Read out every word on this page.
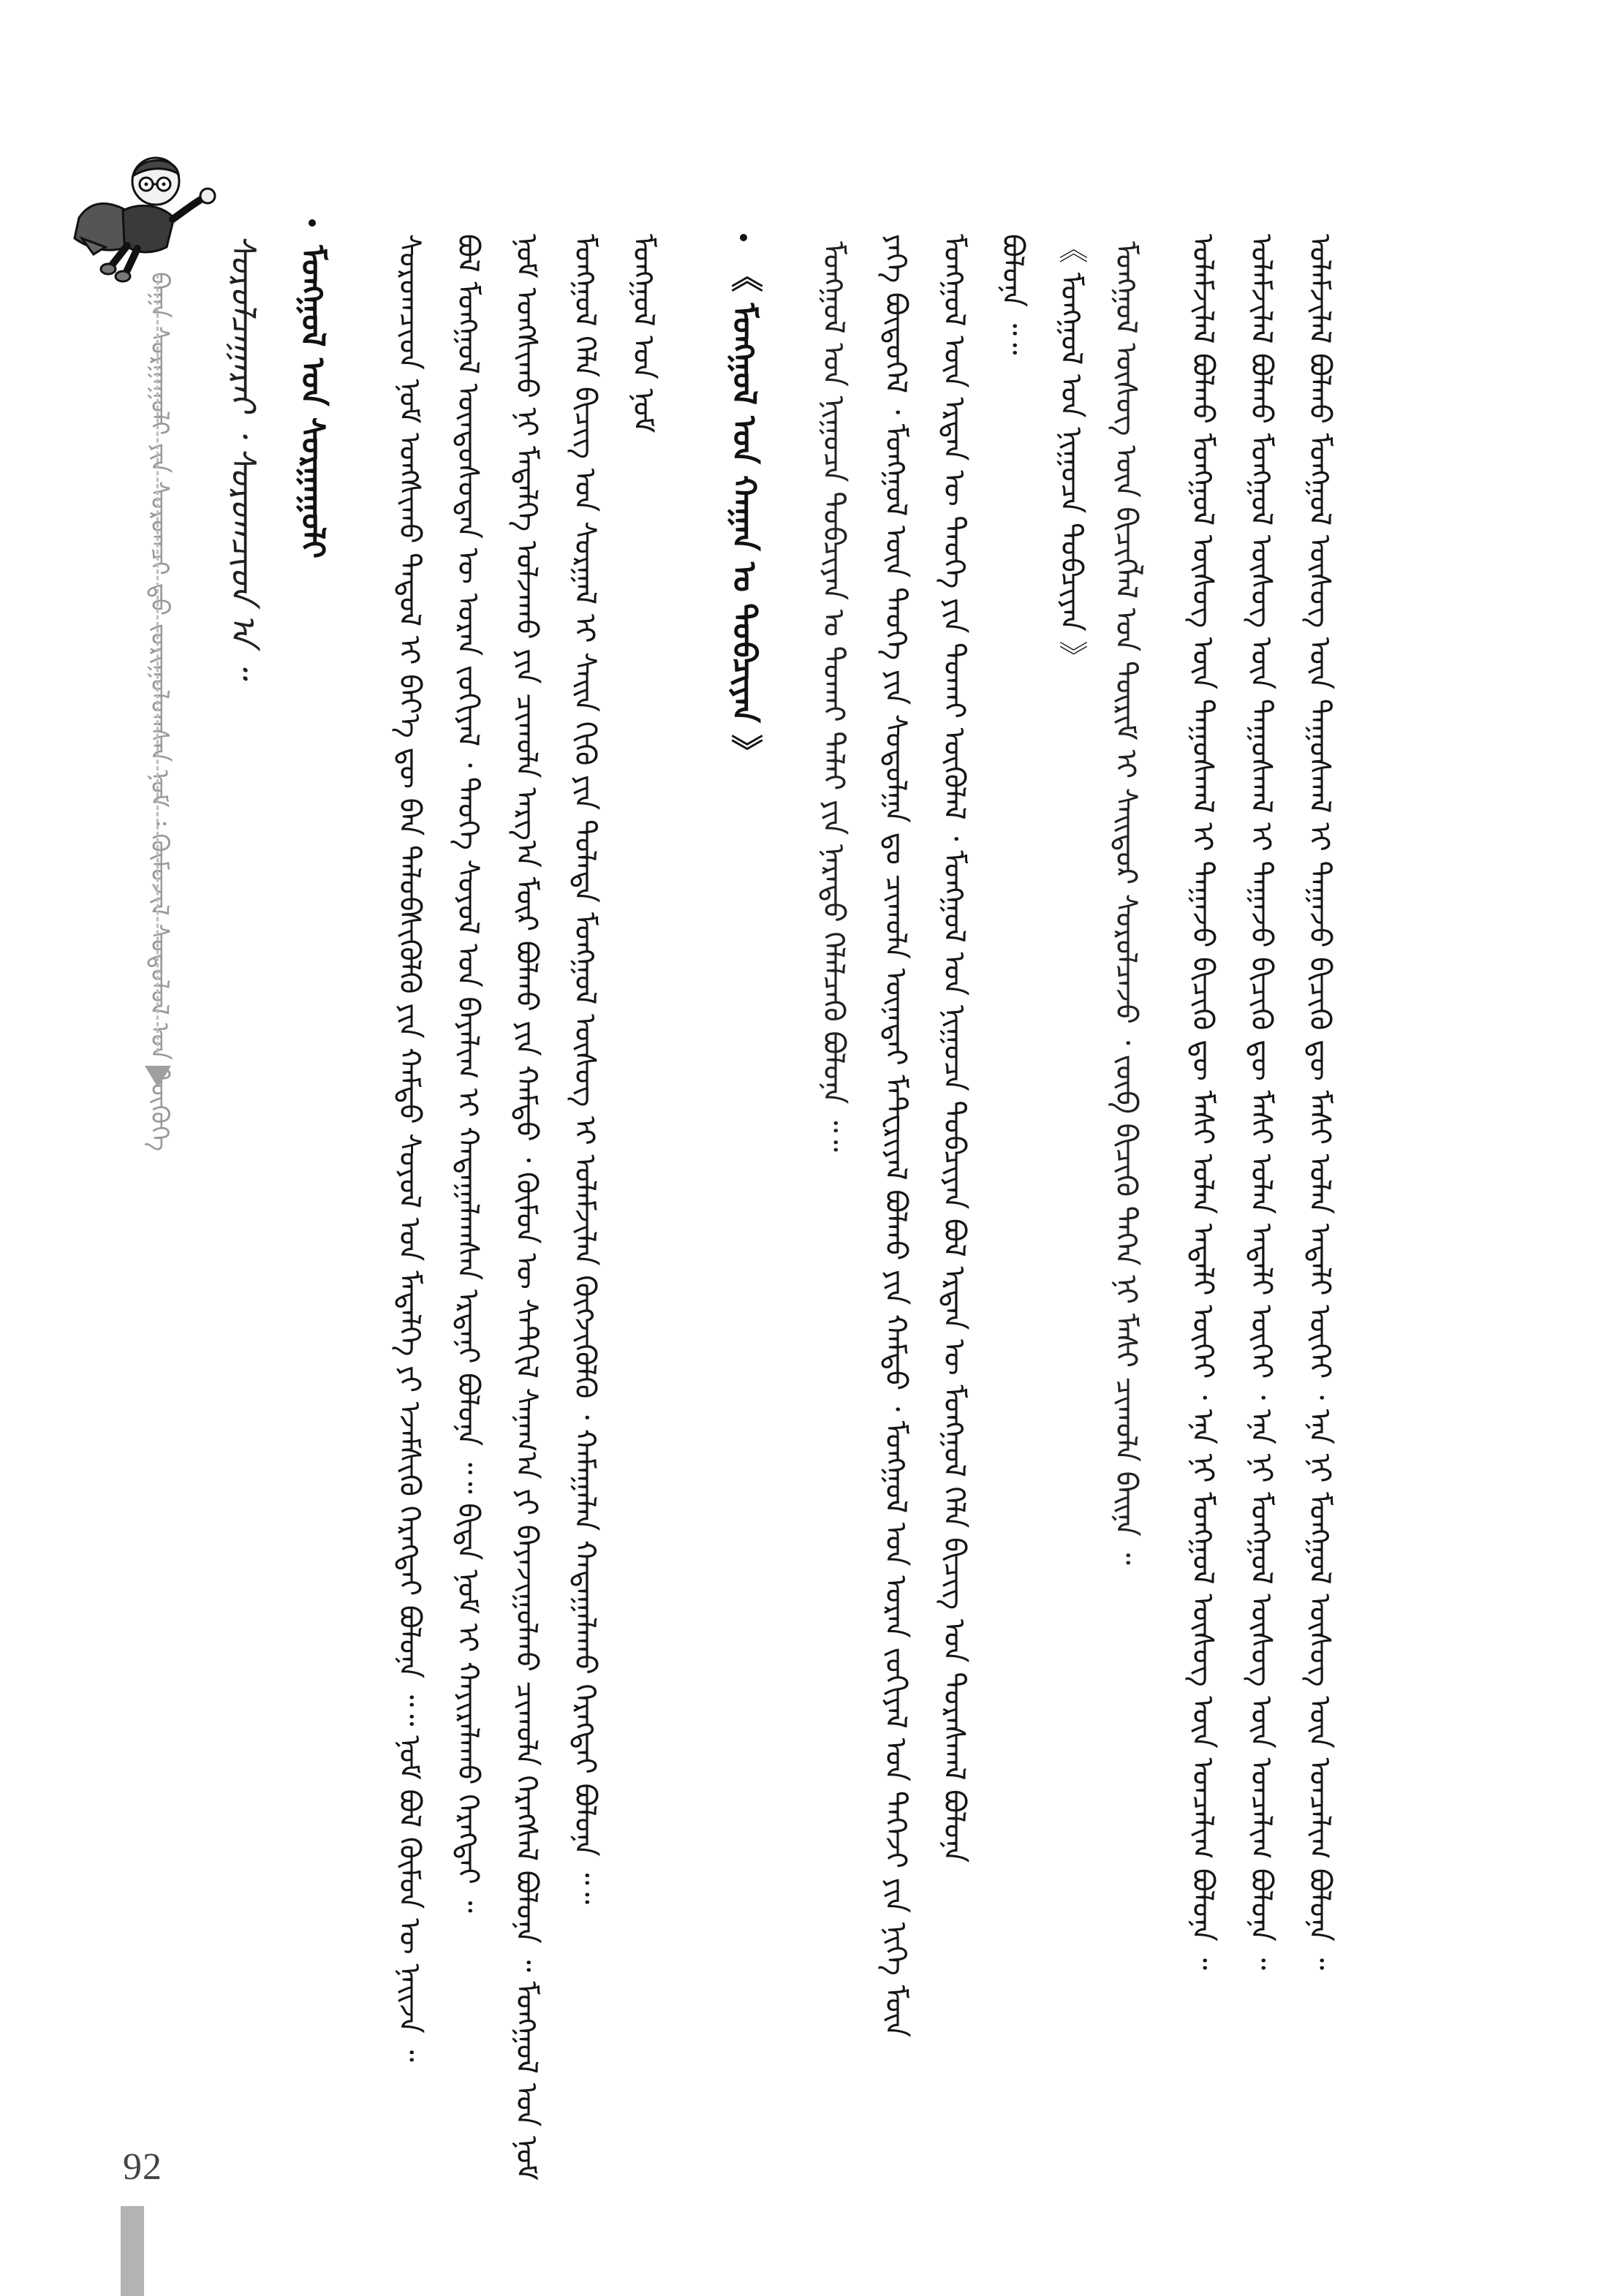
ᠪᠠᠭᠠ ᠰᠤᠷᠭᠠᠭᠤᠯᠢ ᠶᠢᠨ ᠰᠤᠷᠤᠭᠴᠢ ᠳ᠋ᠤ ᠵᠣᠷᠢᠭᠤᠯᠤᠭᠰᠠᠨ ᠨᠣᠮ ᠄ ᠬᠦᠮᠦᠵᠢᠯ ᠰᠤᠳᠤᠯᠤᠯ ᠤᠨ ᠲᠦᠭᠦᠬᠡ ᠰᠤᠷᠤᠯᠴᠠᠭᠠᠷᠠᠢ ᠂ ᠰᠤᠷᠤᠭᠴᠢᠳ ᠠ ᠃ ᠮᠣᠩᠭᠣᠯ ᠤᠨ ᠰᠤᠷᠭᠠᠭᠤᠯᠢ ᠰᠤᠷᠤᠭᠴᠢᠳ ᠨᠣᠮ ᠤᠩᠰᠢᠬᠤ ᠳᠠᠳᠤᠯ ᠢ ᠪᠡᠶ᠎ᠡ ᠳᠦ ᠪᠠᠨ ᠲᠡᠯᠦᠪᠰᠢᠭᠦᠯᠬᠦ ᠶᠢᠨ ᠬᠠᠮᠲᠤ ᠰᠣᠶᠣᠯ ᠤᠨ ᠮᠡᠳᠡᠯᠭᠡ ᠶᠢ ᠡᠵᠡᠮᠰᠢᠬᠦ ᠬᠡᠷᠡᠭᠲᠡᠢ ᠪᠣᠯᠤᠨᠠ ᠃᠃ ᠨᠣᠮ ᠪᠣᠯ ᠬᠦᠮᠦᠨ ᠦ ᠨᠠᠢᠵᠠ ᠃ ᠪᠣᠯ ᠮᠣᠩᠭᠣᠯ ᠦᠨᠳᠦᠰᠦᠲᠡᠨ ᠦ ᠤᠷᠠᠨ ᠵᠣᠬᠢᠶᠠᠯ ᠂ ᠲᠡᠦᠬᠡ ᠰᠣᠶᠣᠯ ᠤᠨ ᠪᠠᠶᠠᠯᠢᠭ ᠢ ᠬᠠᠳᠠᠭᠠᠯᠠᠭᠰᠠᠨ ᠡᠷᠳᠡᠨᠢ ᠪᠣᠯᠤᠨᠠ ᠃᠃ ᠪᠢᠳᠡ ᠨᠣᠮ ᠢ ᠬᠠᠶᠢᠷᠠᠯᠠᠬᠤ ᠬᠡᠷᠡᠭᠲᠡᠢ ᠃ ᠨᠣᠮ ᠤᠩᠰᠢᠬᠤ ᠨᠢ ᠮᠡᠳᠡᠯᠭᠡ ᠣᠯᠵᠠᠬᠤ ᠶᠢᠨ ᠴᠢᠬᠤᠯᠠ ᠠᠷᠭ᠎ᠠ ᠮᠥᠷ ᠪᠣᠯᠬᠤ ᠶᠢᠨ ᠬᠠᠮᠲᠤ ᠂ ᠬᠦᠮᠦᠨ ᠦ ᠰᠡᠲᠬᠢᠯ ᠰᠠᠨᠠᠭ᠎ᠠ ᠶᠢ ᠪᠠᠶᠠᠵᠢᠭᠤᠯᠬᠤ ᠴᠢᠬᠤᠯᠠ ᠬᠡᠷᠡᠭᠰᠡᠯ ᠪᠣᠯᠤᠨᠠ ᠃ ᠮᠣᠩᠭᠣᠯ ᠤᠨ ᠨᠣᠮ ᠮᠣᠩᠭᠣᠯ ᠬᠡᠯᠡ ᠪᠢᠴᠢᠭ ᠤᠨ ᠰᠤᠷᠭᠠᠯ ᠢ ᠰᠠᠢᠨ ᠬᠢᠬᠦ ᠶᠢᠨ ᠲᠤᠯᠠᠳᠠ ᠮᠣᠩᠭᠣᠯ ᠦᠰᠦᠭ ᠢ ᠤᠯᠠᠮᠵᠢᠯᠠᠨ ᠬᠥᠭᠵᠢᠭᠦᠯᠬᠦ ᠂ ᠬᠠᠮᠠᠭᠠᠯᠠᠨ ᠬᠠᠳᠠᠭᠠᠯᠠᠬᠤ ᠬᠡᠷᠡᠭᠲᠡᠢ ᠪᠣᠯᠤᠨᠠ ᠃᠃ ᠮᠣᠩᠭᠣᠯ ᠤᠨ ᠨᠣᠮ 《 ᠮᠣᠩᠭᠣᠯ ᠤᠨ ᠬᠠᠭᠠᠨ ᠤ ᠲᠣᠪᠴᠢᠶᠠᠨ 》 ᠮᠣᠩᠭᠣᠯ ᠤᠨ ᠨᠢᠭᠤᠴᠠ ᠲᠣᠪᠴᠢᠶᠠᠨ ᠤ ᠲᠣᠬᠠᠢ ᠳᠠᠯᠠᠢ ᠶᠢᠨ ᠨᠡᠷᠡᠳᠦ ᠬᠡᠯᠡᠯᠴᠡᠬᠦ ᠪᠣᠯᠤᠨᠠ ᠃᠃ ᠶᠡᠬᠡ ᠪᠦᠲᠦᠭᠡᠯ ᠂ ᠮᠣᠩᠭᠣᠯ ᠦᠨ ᠲᠡᠦᠬᠡ ᠶᠢᠨ ᠰᠤᠳᠤᠯᠭᠠ ᠳᠤ ᠴᠢᠬᠤᠯᠠ ᠦᠨᠡᠲᠡᠢ ᠮᠠᠲ᠋ᠧᠷᠢᠶᠠᠯ ᠪᠣᠯᠬᠤ ᠶᠢᠨ ᠬᠠᠮᠲᠤ ᠂ ᠮᠣᠩᠭᠣᠯ ᠤᠨ ᠤᠷᠠᠨ ᠵᠣᠬᠢᠶᠠᠯ ᠤᠨ ᠳᠡᠭᠡᠵᠢ ᠶᠢᠨ ᠨᠢᠭᠡ ᠮᠥᠨ ᠮᠣᠩᠭᠣᠯ ᠦᠨ ᠡᠷᠲᠡᠨ ᠦ ᠲᠡᠦᠬᠡ ᠶᠢᠨ ᠲᠤᠬᠠᠢ ᠦᠬᠦᠯᠡᠯ ᠂ ᠮᠣᠩᠭᠣᠯ ᠤᠨ ᠨᠢᠭᠤᠴᠠ ᠲᠣᠪᠴᠢᠶᠠᠨ ᠪᠣᠯ ᠡᠷᠲᠡᠨ ᠦ ᠮᠣᠩᠭᠣᠯ ᠬᠡᠯᠡ ᠪᠢᠴᠢᠭ ᠤᠨ ᠳᠤᠷᠠᠰᠬᠠᠯ ᠪᠣᠯᠤᠨᠠ ᠪᠣᠯᠤᠨᠠ ᠃᠃ 《 ᠮᠣᠩᠭᠣᠯ ᠤᠨ ᠨᠢᠭᠤᠴᠠ ᠲᠣᠪᠴᠢᠶᠠᠨ 》 ᠮᠣᠩᠭᠣᠯ ᠦᠰᠦᠭ ᠦᠨ ᠪᠢᠴᠢᠭᠯᠡᠯ ᠤᠨ ᠳᠦᠷᠢᠮ ᠢ ᠰᠠᠢᠳᠤᠷ ᠰᠤᠷᠤᠯᠴᠠᠵᠤ ᠂ ᠵᠥᠪ ᠪᠢᠴᠢᠬᠦ ᠳᠡᠭᠡᠨ ᠨᠢ ᠮᠠᠰᠢ ᠴᠢᠬᠤᠯᠠ ᠪᠠᠢᠨᠠ ᠃ ᠤᠯᠠᠮᠵᠢᠯᠠᠯ ᠪᠣᠯᠬᠤ ᠮᠣᠩᠭᠣᠯ ᠦᠰᠦᠭ ᠦᠨ ᠳᠠᠭᠤᠰᠬᠠᠯ ᠢ ᠳᠠᠭᠠᠵᠤ ᠪᠢᠴᠢᠬᠦ ᠳᠦ ᠮᠠᠰᠢ ᠤᠯᠠᠨ ᠠᠳᠠᠯᠢ ᠦᠭᠡᠢ ᠂ ᠡᠨᠡ ᠨᠢ ᠮᠣᠩᠭᠣᠯ ᠦᠰᠦᠭ ᠦᠨ ᠣᠨᠴᠠᠯᠢᠭ ᠪᠣᠯᠤᠨᠠ ᠃ ᠤᠯᠠᠮᠵᠢᠯᠠᠯ ᠪᠣᠯᠬᠤ ᠮᠣᠩᠭᠣᠯ ᠦᠰᠦᠭ ᠦᠨ ᠳᠠᠭᠤᠰᠬᠠᠯ ᠢ ᠳᠠᠭᠠᠵᠤ ᠪᠢᠴᠢᠬᠦ ᠳᠦ ᠮᠠᠰᠢ ᠤᠯᠠᠨ ᠠᠳᠠᠯᠢ ᠦᠭᠡᠢ ᠂ ᠡᠨᠡ ᠨᠢ ᠮᠣᠩᠭᠣᠯ ᠦᠰᠦᠭ ᠦᠨ ᠣᠨᠴᠠᠯᠢᠭ ᠪᠣᠯᠤᠨᠠ ᠃ ᠤᠯᠠᠮᠵᠢᠯᠠᠯ ᠪᠣᠯᠬᠤ ᠮᠣᠩᠭᠣᠯ ᠦᠰᠦᠭ ᠦᠨ ᠳᠠᠭᠤᠰᠬᠠᠯ ᠢ ᠳᠠᠭᠠᠵᠤ ᠪᠢᠴᠢᠬᠦ ᠳᠦ ᠮᠠᠰᠢ ᠤᠯᠠᠨ ᠠᠳᠠᠯᠢ ᠦᠭᠡᠢ ᠂ ᠡᠨᠡ ᠨᠢ ᠮᠣᠩᠭᠣᠯ ᠦᠰᠦᠭ ᠦᠨ ᠣᠨᠴᠠᠯᠢᠭ ᠪᠣᠯᠤᠨᠠ ᠃
92
